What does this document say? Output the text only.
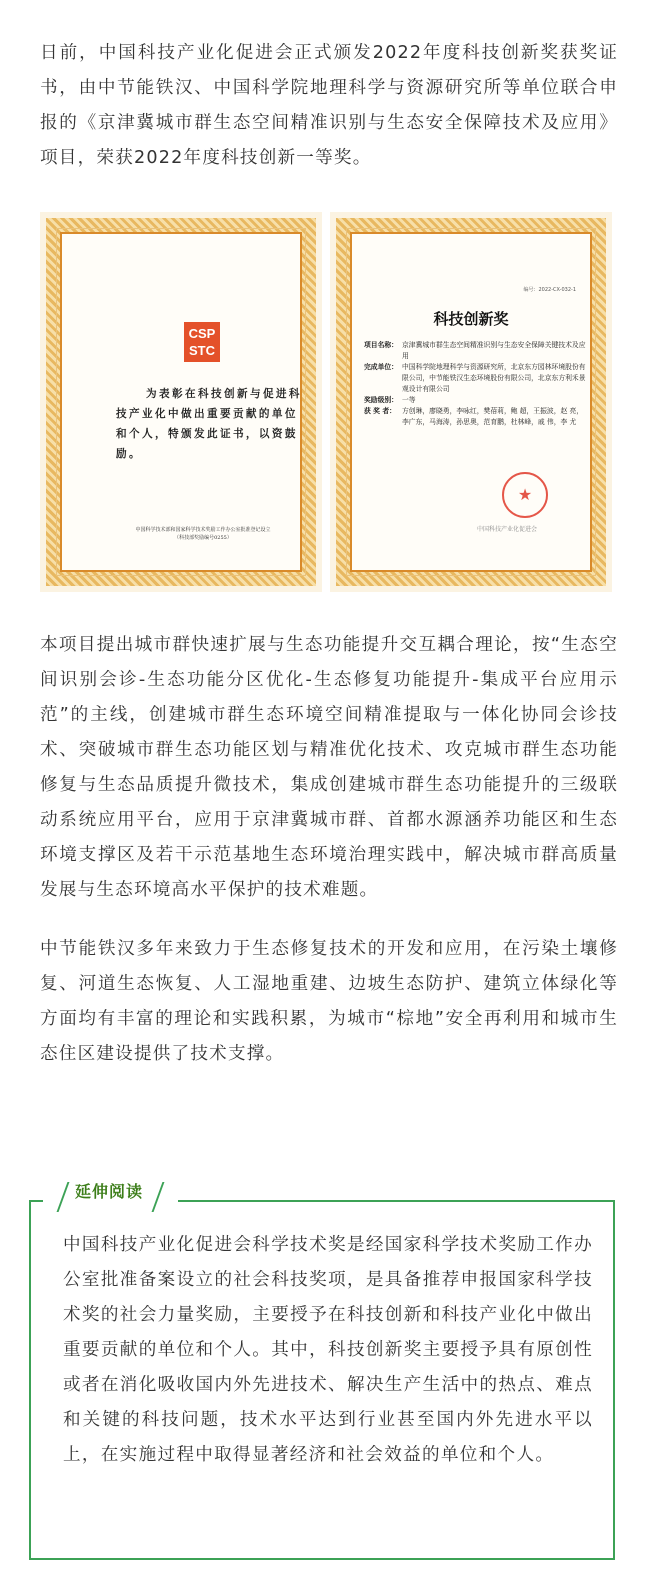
日前，中国科技产业化促进会正式颁发2022年度科技创新奖获奖证书，由中节能铁汉、中国科学院地理科学与资源研究所等单位联合申报的《京津冀城市群生态空间精准识别与生态安全保障技术及应用》项目，荣获2022年度科技创新一等奖。

CSP
STC
为表彰在科技创新与促进科技产业化中做出重要贡献的单位和个人，特颁发此证书，以资鼓励。
中国科学技术部和国家科学技术奖励工作办公室批准登记设立
（科技部奖励编号0255）
编号：2022-CX-032-1
科技创新奖
项目名称： 京津冀城市群生态空间精准识别与生态安全保障关键技术及应用
完成单位： 中国科学院地理科学与资源研究所，北京东方园林环境股份有限公司，中节能铁汉生态环境股份有限公司，北京东方利禾景观设计有限公司
奖励级别： 一等
获 奖 者： 方创琳，廖晓勇，李咏红，樊蓓莉，鲍 超，王振波，赵 亮，李广东，马海涛，孙思奥，范育鹏，杜林峰，戚 伟，李 尤
★
中国科技产业化促进会

本项目提出城市群快速扩展与生态功能提升交互耦合理论，按“生态空间识别会诊-生态功能分区优化-生态修复功能提升-集成平台应用示范”的主线，创建城市群生态环境空间精准提取与一体化协同会诊技术、突破城市群生态功能区划与精准优化技术、攻克城市群生态功能修复与生态品质提升微技术，集成创建城市群生态功能提升的三级联动系统应用平台，应用于京津冀城市群、首都水源涵养功能区和生态环境支撑区及若干示范基地生态环境治理实践中，解决城市群高质量发展与生态环境高水平保护的技术难题。

中节能铁汉多年来致力于生态修复技术的开发和应用，在污染土壤修复、河道生态恢复、人工湿地重建、边坡生态防护、建筑立体绿化等方面均有丰富的理论和实践积累，为城市“棕地”安全再利用和城市生态住区建设提供了技术支撑。

延伸阅读

中国科技产业化促进会科学技术奖是经国家科学技术奖励工作办公室批准备案设立的社会科技奖项，是具备推荐申报国家科学技术奖的社会力量奖励，主要授予在科技创新和科技产业化中做出重要贡献的单位和个人。其中，科技创新奖主要授予具有原创性或者在消化吸收国内外先进技术、解决生产生活中的热点、难点和关键的科技问题，技术水平达到行业甚至国内外先进水平以上，在实施过程中取得显著经济和社会效益的单位和个人。
